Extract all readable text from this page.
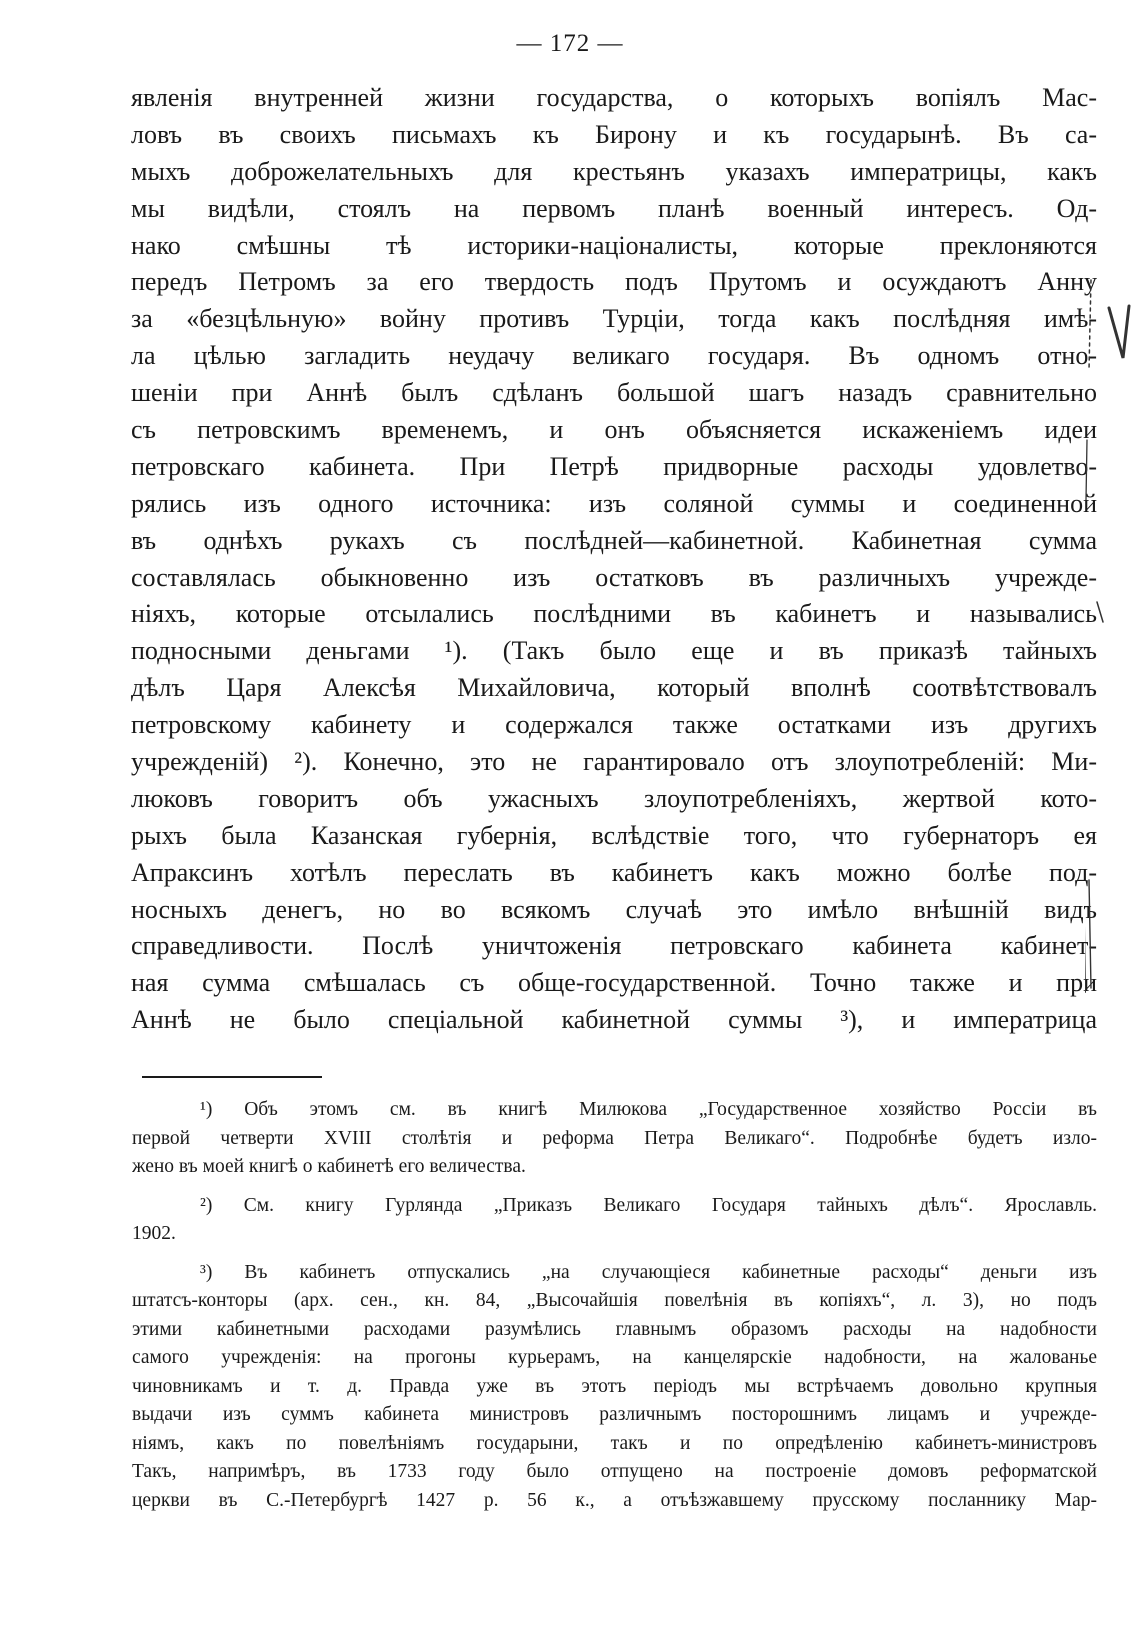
— 172 —
явленія внутренней жизни государства, о которыхъ вопіялъ Мас-
ловъ въ своихъ письмахъ къ Бирону и къ государынѣ. Въ са-
мыхъ доброжелательныхъ для крестьянъ указахъ императрицы, какъ
мы видѣли, стоялъ на первомъ планѣ военный интересъ. Од-
нако смѣшны тѣ историки-націоналисты, которые преклоняются
передъ Петромъ за его твердость подъ Прутомъ и осуждаютъ Анну
за «безцѣльную» войну противъ Турціи, тогда какъ послѣдняя имѣ-
ла цѣлью загладить неудачу великаго государя. Въ одномъ отно-
шеніи при Аннѣ былъ сдѣланъ большой шагъ назадъ сравнительно
съ петровскимъ временемъ, и онъ объясняется искаженіемъ идеи
петровскаго кабинета. При Петрѣ придворные расходы удовлетво-
рялись изъ одного источника: изъ соляной суммы и соединенной
въ однѣхъ рукахъ съ послѣдней—кабинетной. Кабинетная сумма
составлялась обыкновенно изъ остатковъ въ различныхъ учрежде-
ніяхъ, которые отсылались послѣдними въ кабинетъ и назывались
подносными деньгами ¹). (Такъ было еще и въ приказѣ тайныхъ
дѣлъ Царя Алексѣя Михайловича, который вполнѣ соотвѣтствовалъ
петровскому кабинету и содержался также остатками изъ другихъ
учрежденій) ²). Конечно, это не гарантировало отъ злоупотребленій: Ми-
люковъ говоритъ объ ужасныхъ злоупотребленіяхъ, жертвой кото-
рыхъ была Казанская губернія, вслѣдствіе того, что губернаторъ ея
Апраксинъ хотѣлъ переслать въ кабинетъ какъ можно болѣе под-
носныхъ денегъ, но во всякомъ случаѣ это имѣло внѣшній видъ
справедливости. Послѣ уничтоженія петровскаго кабинета кабинет-
ная сумма смѣшалась съ обще-государственной. Точно также и при
Аннѣ не было спеціальной кабинетной суммы ³), и императрица
¹) Объ этомъ см. въ книгѣ Милюкова „Государственное хозяйство Россіи въ
первой четверти XVIII столѣтія и реформа Петра Великаго“. Подробнѣе будетъ изло-
жено въ моей книгѣ о кабинетѣ его величества.
²) См. книгу Гурлянда „Приказъ Великаго Государя тайныхъ дѣлъ“. Ярославль.
1902.
³) Въ кабинетъ отпускались „на случающіеся кабинетные расходы“ деньги изъ
штатсъ-конторы (арх. сен., кн. 84, „Высочайшія повелѣнія въ копіяхъ“, л. 3), но подъ
этими кабинетными расходами разумѣлись главнымъ образомъ расходы на надобности
самого учрежденія: на прогоны курьерамъ, на канцелярскіе надобности, на жалованье
чиновникамъ и т. д. Правда уже въ этотъ періодъ мы встрѣчаемъ довольно крупныя
выдачи изъ суммъ кабинета министровъ различнымъ посторошнимъ лицамъ и учрежде-
ніямъ, какъ по повелѣніямъ государыни, такъ и по опредѣленію кабинетъ-министровъ
Такъ, напримѣръ, въ 1733 году было отпущено на построеніе домовъ реформатской
церкви въ С.-Петербургѣ 1427 р. 56 к., а отъѣзжавшему прусскому посланнику Мар-
